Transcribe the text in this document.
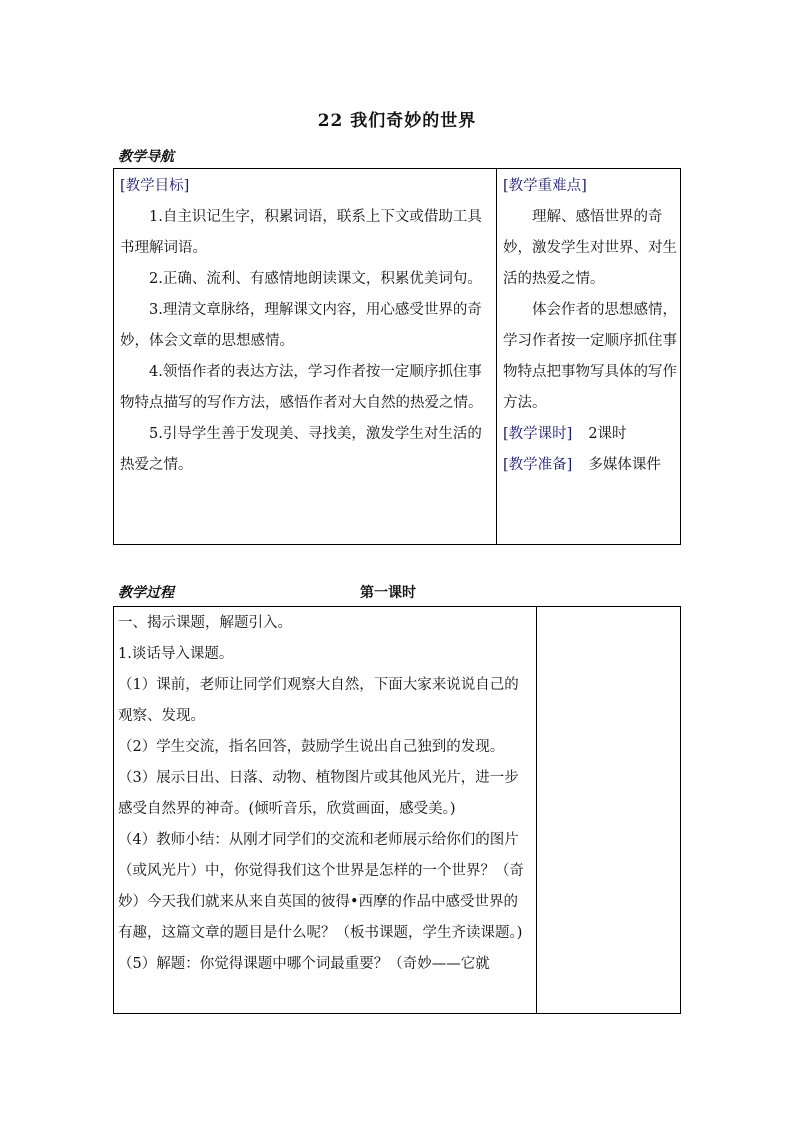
22 我们奇妙的世界
教学导航

[教学目标]

1.自主识记生字，积累词语，联系上下文或借助工具书理解词语。

2.正确、流利、有感情地朗读课文，积累优美词句。

3.理清文章脉络，理解课文内容，用心感受世界的奇妙，体会文章的思想感情。

4.领悟作者的表达方法，学习作者按一定顺序抓住事物特点描写的写作方法，感悟作者对大自然的热爱之情。

5.引导学生善于发现美、寻找美，激发学生对生活的热爱之情。

[教学重难点]

理解、感悟世界的奇妙，激发学生对世界、对生活的热爱之情。

体会作者的思想感情，学习作者按一定顺序抓住事物特点把事物写具体的写作方法。

[教学课时] 2课时

[教学准备] 多媒体课件

教学过程	第一课时

一、揭示课题，解题引入。

1.谈话导入课题。

（1）课前，老师让同学们观察大自然，下面大家来说说自己的观察、发现。

（2）学生交流，指名回答，鼓励学生说出自己独到的发现。

（3）展示日出、日落、动物、植物图片或其他风光片，进一步感受自然界的神奇。(倾听音乐，欣赏画面，感受美。)

（4）教师小结：从刚才同学们的交流和老师展示给你们的图片（或风光片）中，你觉得我们这个世界是怎样的一个世界？（奇妙）今天我们就来从来自英国的彼得•西摩的作品中感受世界的有趣，这篇文章的题目是什么呢？（板书课题，学生齐读课题。)

（5）解题：你觉得课题中哪个词最重要？（奇妙——它就
